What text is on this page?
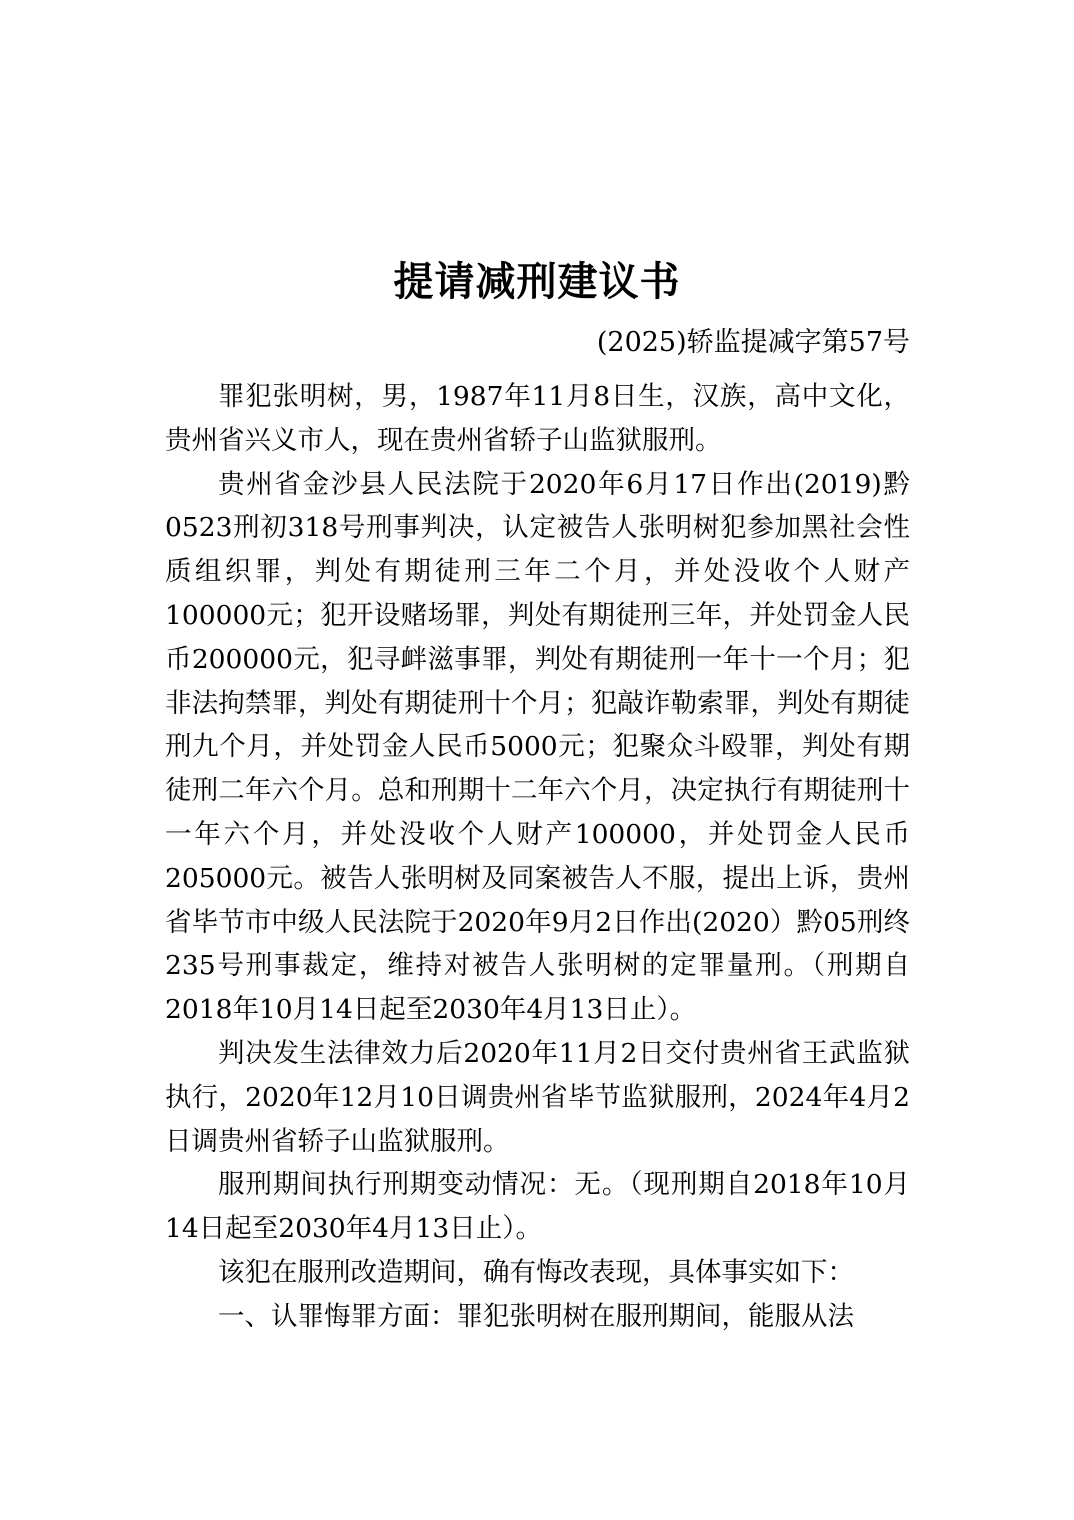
提请减刑建议书
(2025)轿监提减字第57号

罪犯张明树，男，1987年11月8日生，汉族，高中文化，贵州省兴义市人，现在贵州省轿子山监狱服刑。

贵州省金沙县人民法院于2020年6月17日作出(2019)黔0523刑初318号刑事判决，认定被告人张明树犯参加黑社会性质组织罪，判处有期徒刑三年二个月，并处没收个人财产100000元；犯开设赌场罪，判处有期徒刑三年，并处罚金人民币200000元，犯寻衅滋事罪，判处有期徒刑一年十一个月；犯非法拘禁罪，判处有期徒刑十个月；犯敲诈勒索罪，判处有期徒刑九个月，并处罚金人民币5000元；犯聚众斗殴罪，判处有期徒刑二年六个月。总和刑期十二年六个月，决定执行有期徒刑十一年六个月，并处没收个人财产100000，并处罚金人民币205000元。被告人张明树及同案被告人不服，提出上诉，贵州省毕节市中级人民法院于2020年9月2日作出(2020）黔05刑终235号刑事裁定，维持对被告人张明树的定罪量刑。（刑期自2018年10月14日起至2030年4月13日止）。

判决发生法律效力后2020年11月2日交付贵州省王武监狱执行，2020年12月10日调贵州省毕节监狱服刑，2024年4月2日调贵州省轿子山监狱服刑。

服刑期间执行刑期变动情况：无。（现刑期自2018年10月14日起至2030年4月13日止）。

该犯在服刑改造期间，确有悔改表现，具体事实如下：

一、认罪悔罪方面：罪犯张明树在服刑期间，能服从法
